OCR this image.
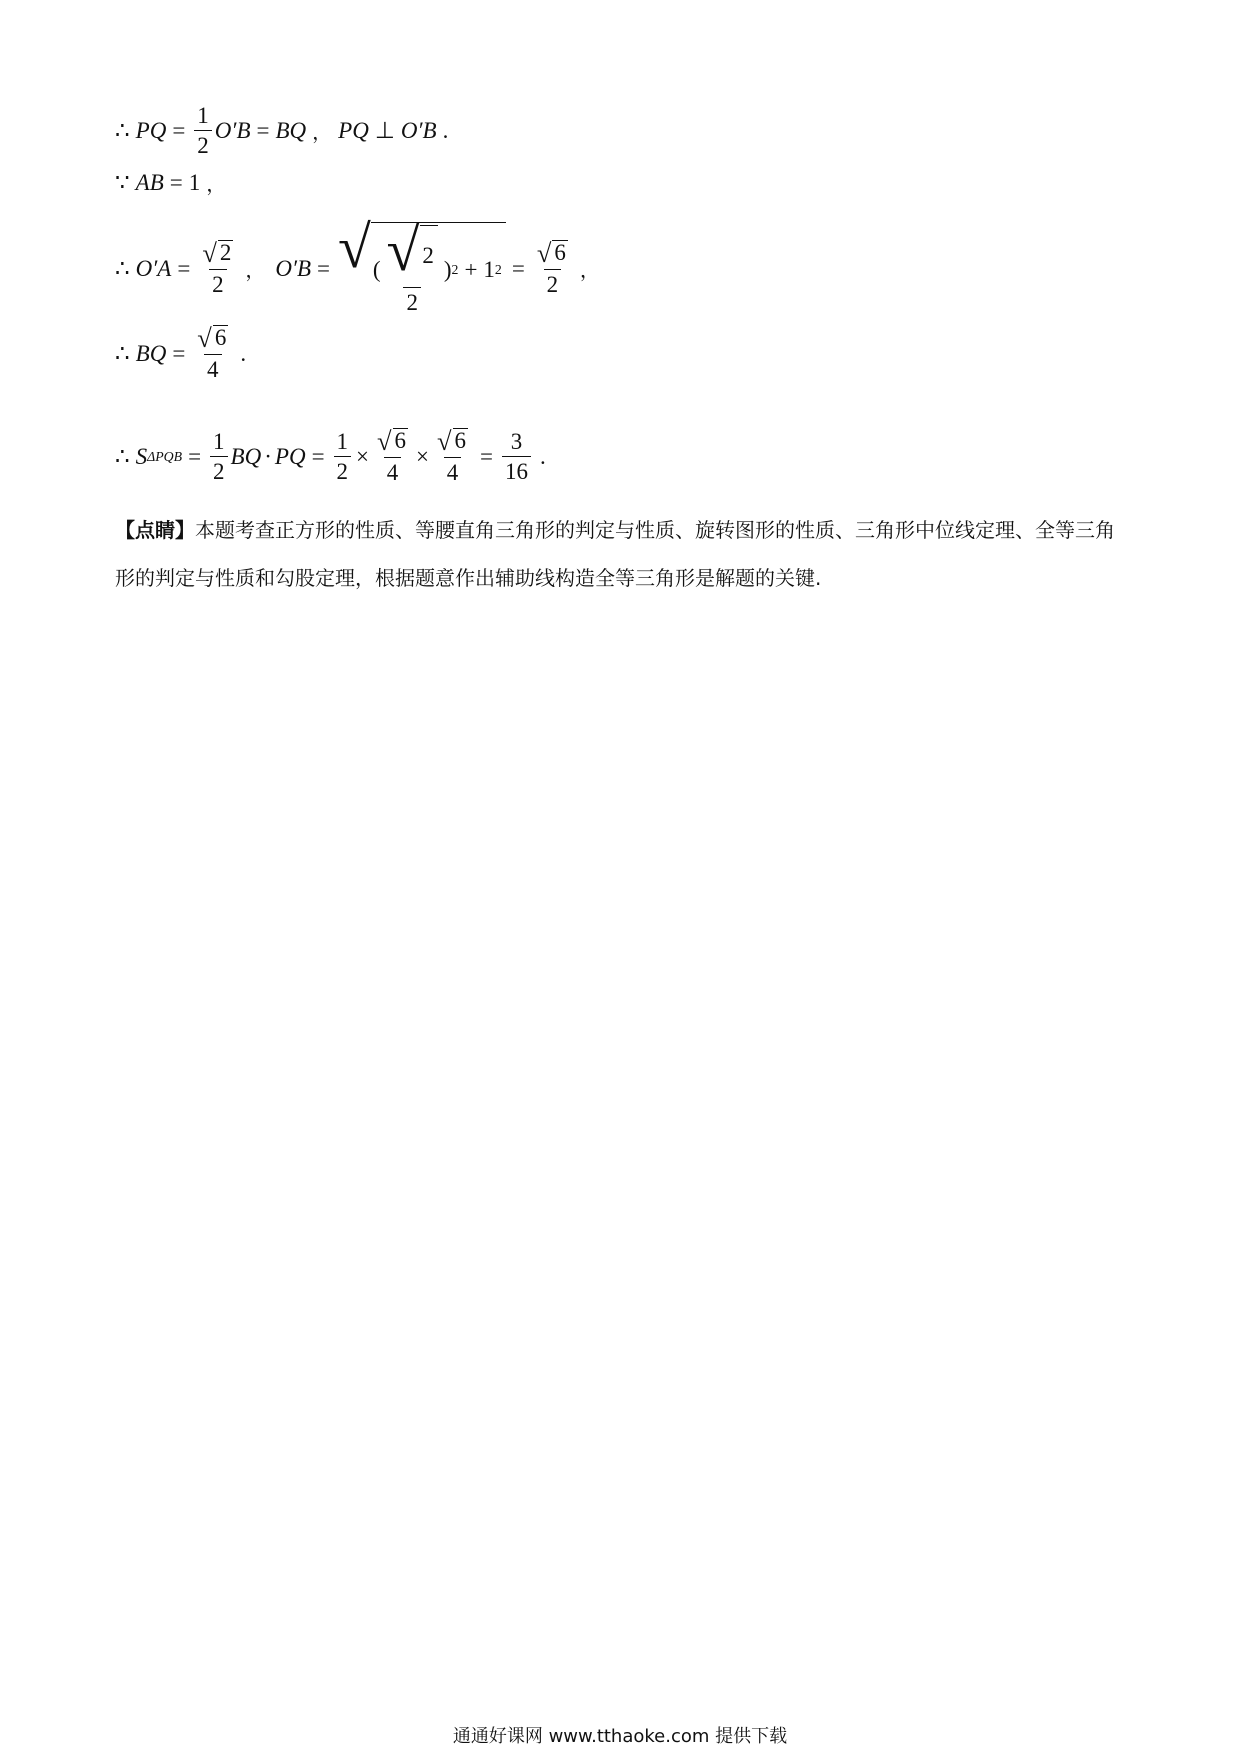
∴ PQ = $\frac{1}{2} O'B$ = BQ ， PQ ⊥ O′B .
∵ AB = 1 ，
∴ $O'A = \frac{√ 2}{2}$ ， O′B = √ ( $\frac{√ 2}{2}$ ) 2 + 1 $2 = \frac{√ 6}{2}$ ，
∴ BQ = $\frac{√ 6}{4}$ .
∴ S $\Delta PQB = \frac{1}{2}$ BQ · PQ = $\frac{1}{2} \times \frac{√ 6}{4} \times \frac{√ 6}{4} = \frac{3}{16}$ .
【点睛】本题考查正方形的性质、等腰直角三角形的判定与性质、旋转图形的性质、三角形中位线定理、全等三角形的判定与性质和勾股定理，根据题意作出辅助线构造全等三角形是解题的关键.
通通好课网 www.tthaoke.com 提供下载
